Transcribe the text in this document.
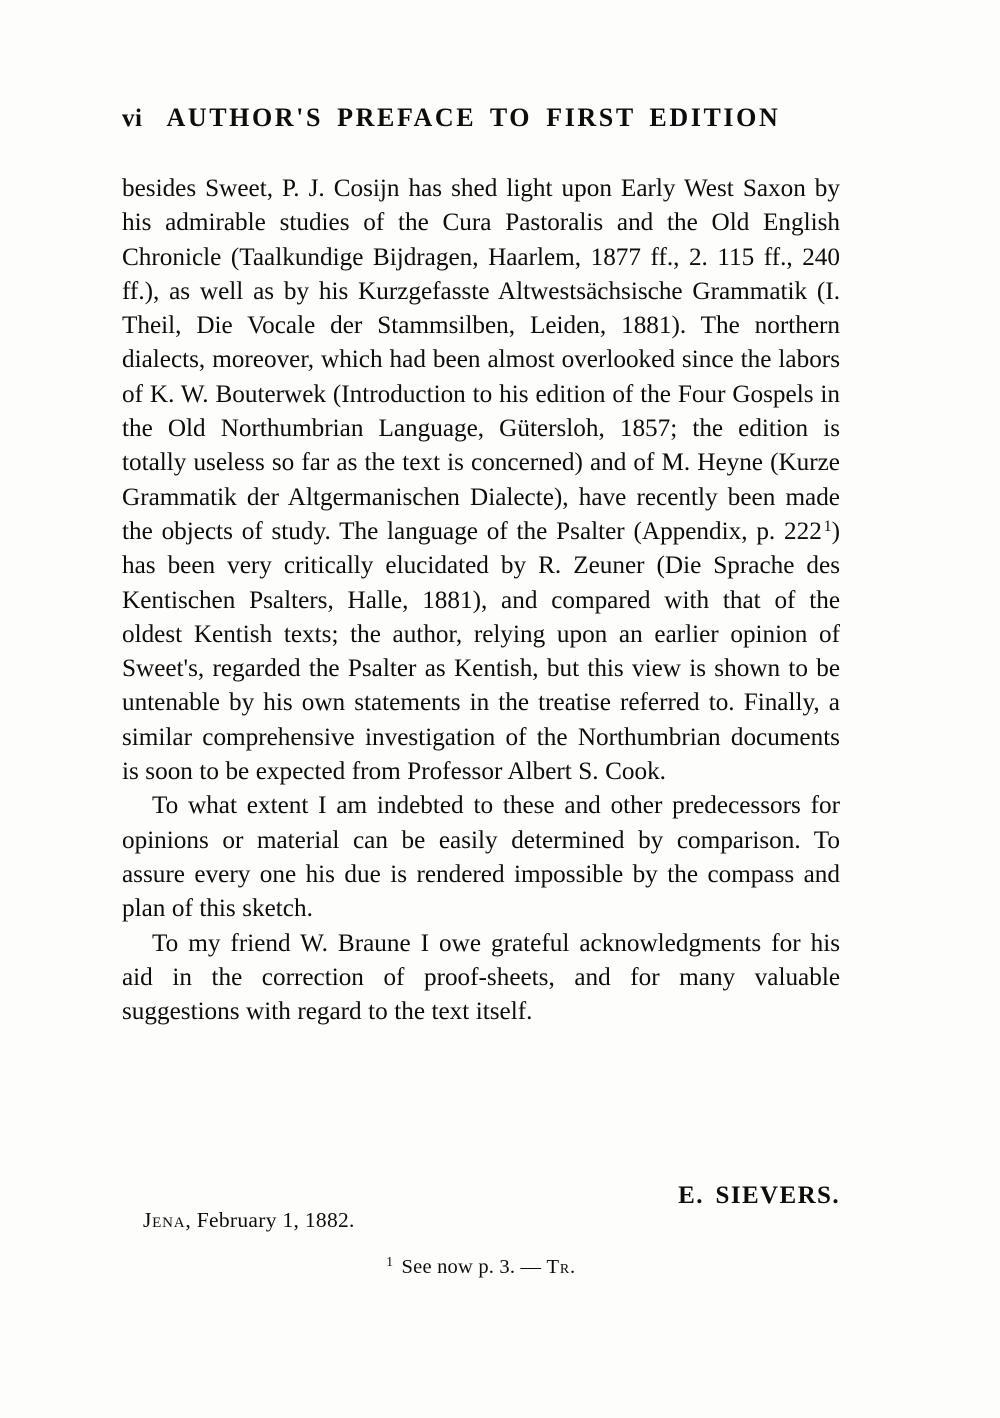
vi AUTHOR'S PREFACE TO FIRST EDITION

besides Sweet, P. J. Cosijn has shed light upon Early West Saxon by his admirable studies of the Cura Pastoralis and the Old English Chronicle (Taalkundige Bijdragen, Haarlem, 1877 ff., 2. 115 ff., 240 ff.), as well as by his Kurzgefasste Altwestsächsische Grammatik (I. Theil, Die Vocale der Stammsilben, Leiden, 1881). The northern dialects, moreover, which had been almost overlooked since the labors of K. W. Bouterwek (Introduction to his edition of the Four Gospels in the Old Northumbrian Language, Gütersloh, 1857; the edition is totally useless so far as the text is concerned) and of M. Heyne (Kurze Grammatik der Altgermanischen Dialecte), have recently been made the objects of study. The language of the Psalter (Appendix, p. 222 $^1$) has been very critically elucidated by R. Zeuner (Die Sprache des Kentischen Psalters, Halle, 1881), and compared with that of the oldest Kentish texts; the author, relying upon an earlier opinion of Sweet's, regarded the Psalter as Kentish, but this view is shown to be untenable by his own statements in the treatise referred to. Finally, a similar comprehensive investigation of the Northumbrian documents is soon to be expected from Professor Albert S. Cook.

To what extent I am indebted to these and other predecessors for opinions or material can be easily determined by comparison. To assure every one his due is rendered impossible by the compass and plan of this sketch.

To my friend W. Braune I owe grateful acknowledgments for his aid in the correction of proof-sheets, and for many valuable suggestions with regard to the text itself.

E. SIEVERS.
Jena, February 1, 1882.
$^1$ See now p. 3. — Tr.
